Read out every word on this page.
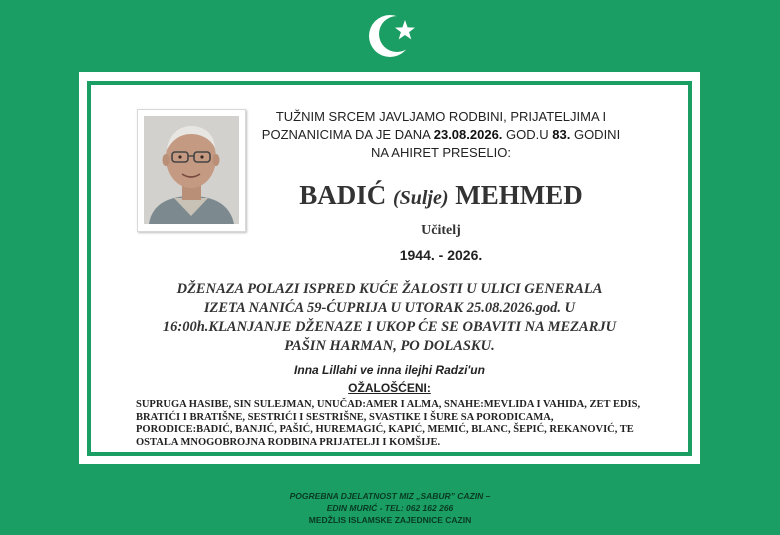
TUŽNIM SRCEM JAVLJAMO RODBINI, PRIJATELJIMA I
POZNANICIMA DA JE DANA 23.08.2026. GOD.U 83. GODINI
NA AHIRET PRESELIO:
BADIĆ (Sulje) MEHMED
Učitelj
1944. - 2026.
DŽENAZA POLAZI ISPRED KUĆE ŽALOSTI U ULICI GENERALA
IZETA NANIĆA 59-ĆUPRIJA U UTORAK 25.08.2026.god. U
16:00h.KLANJANJE DŽENAZE I UKOP ĆE SE OBAVITI NA MEZARJU
PAŠIN HARMAN, PO DOLASKU.
Inna Lillahi ve inna ilejhi Radzi'un
OŽALOŠĆENI:
SUPRUGA HASIBE, SIN SULEJMAN, UNUČAD:AMER I ALMA, SNAHE:MEVLIDA I VAHIDA, ZET EDIS,
BRATIĆI I BRATIŠNE, SESTRIĆI I SESTRIŠNE, SVASTIKE I ŠURE SA PORODICAMA,
PORODICE:BADIĆ, BANJIĆ, PAŠIĆ, HUREMAGIĆ, KAPIĆ, MEMIĆ, BLANC, ŠEPIĆ, REKANOVIĆ, TE
OSTALA MNOGOBROJNA RODBINA PRIJATELJI I KOMŠIJE.
POGREBNA DJELATNOST MIZ „SABUR” CAZIN –
EDIN MURIĆ - TEL: 062 162 266
MEDŽLIS ISLAMSKE ZAJEDNICE CAZIN
